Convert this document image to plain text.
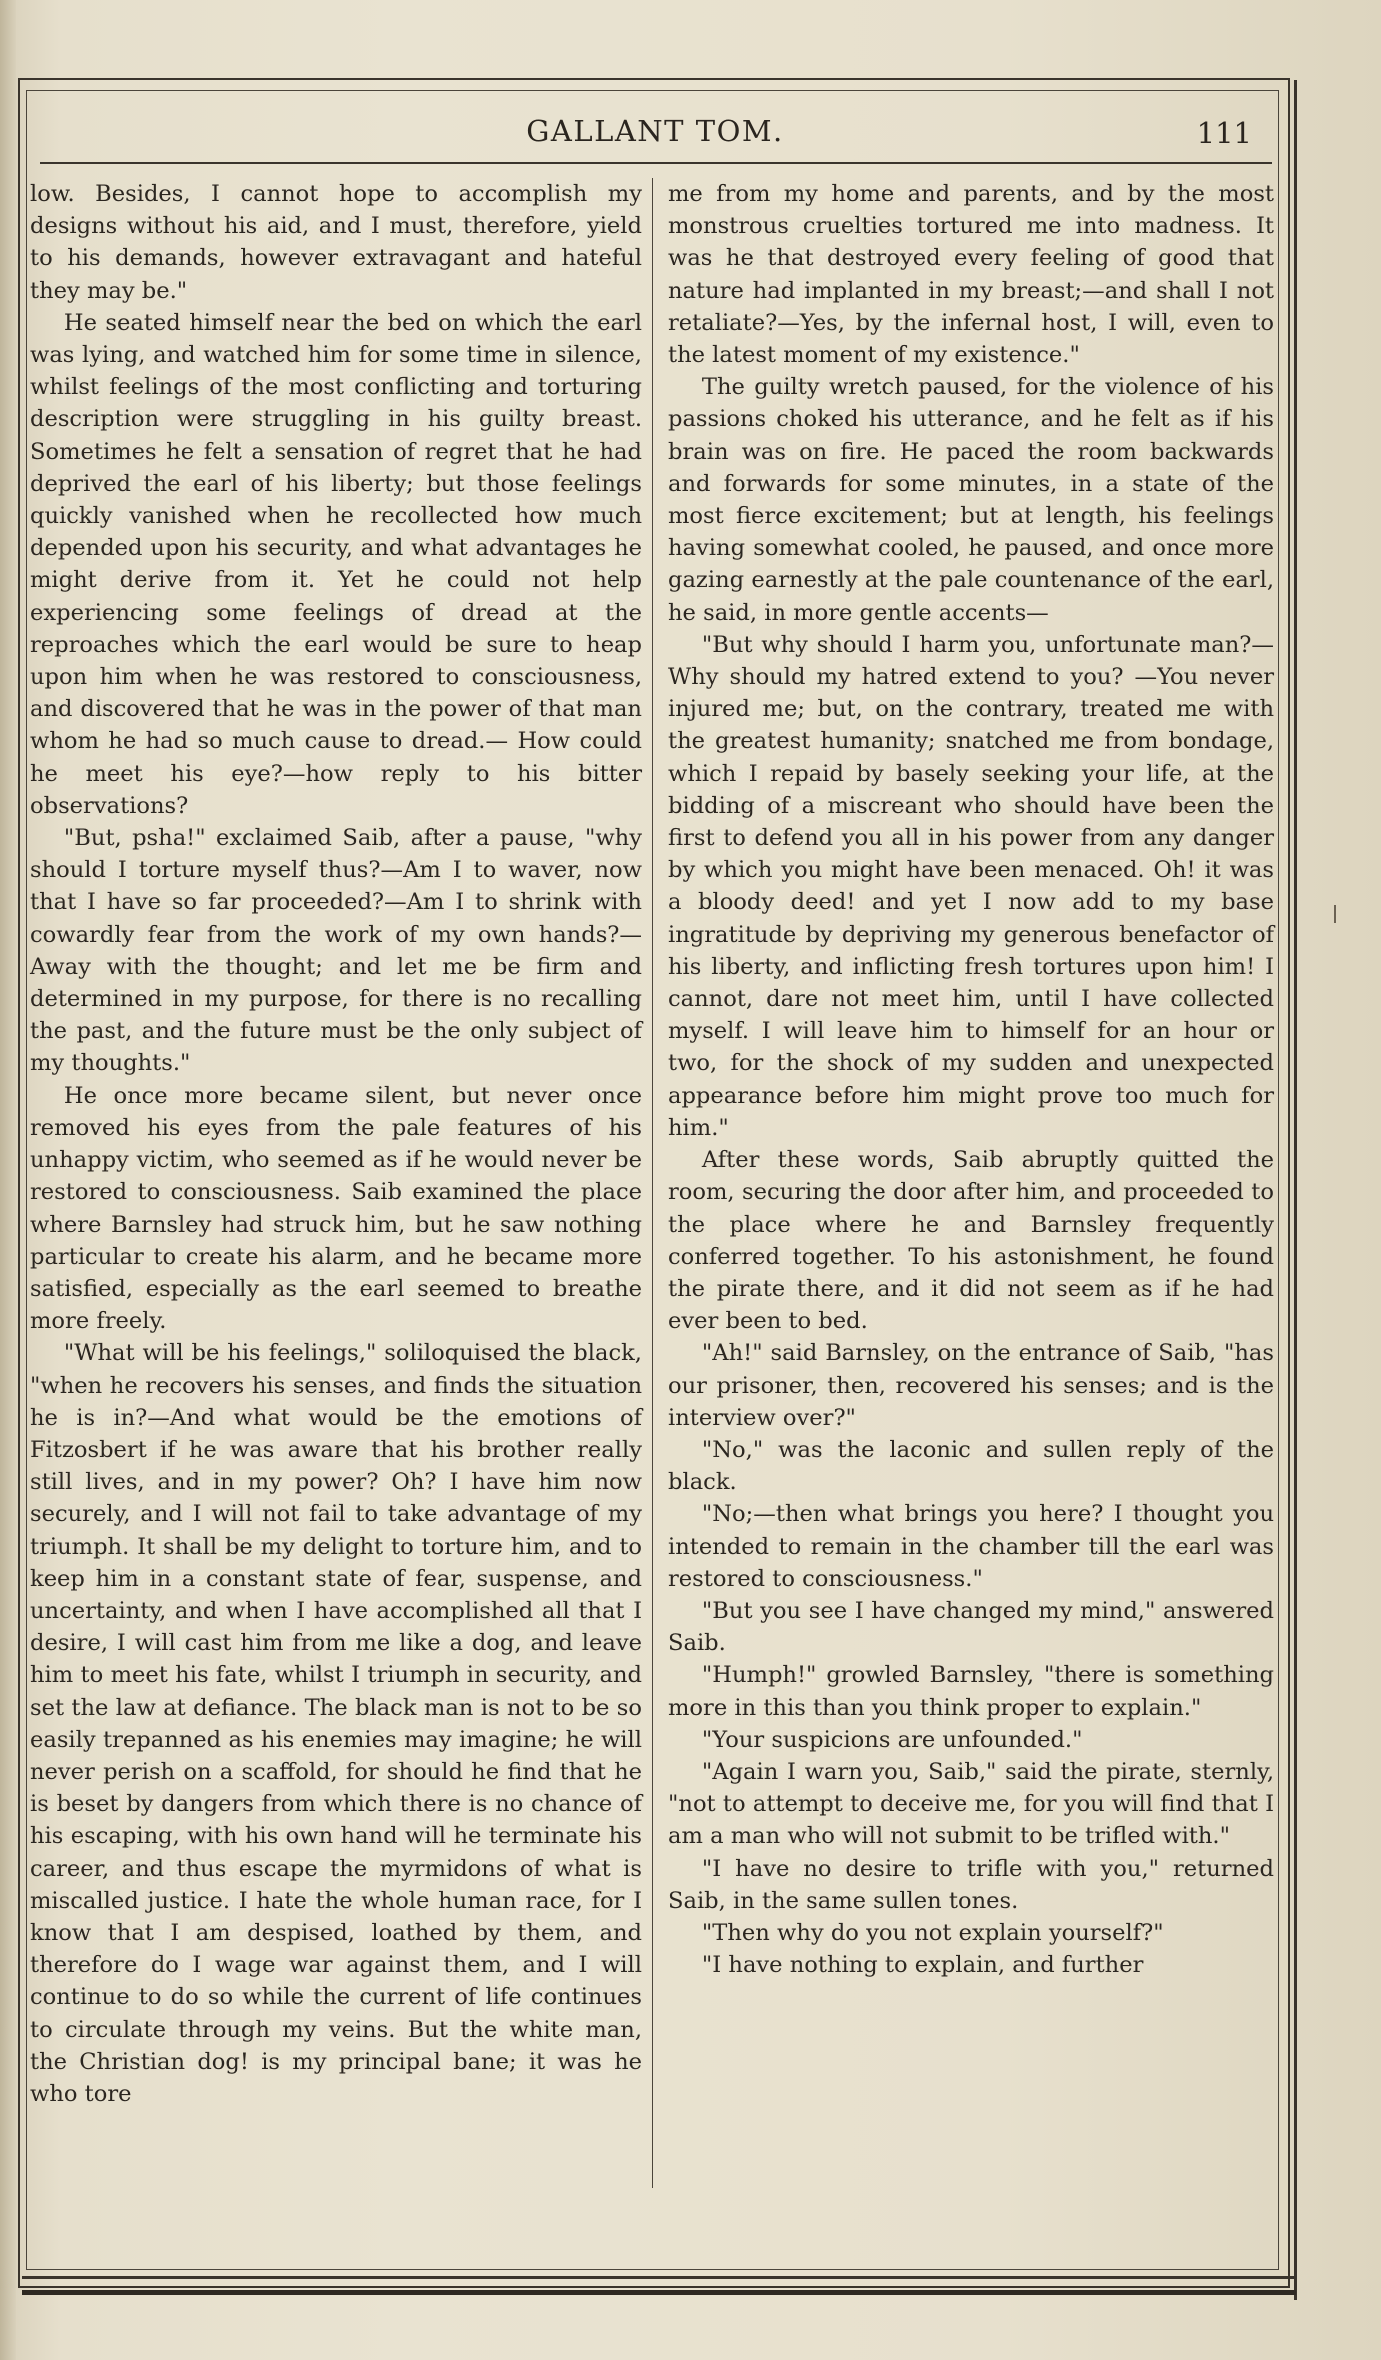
GALLANT TOM.	111

low. Besides, I cannot hope to accomplish my designs without his aid, and I must, therefore, yield to his demands, however extravagant and hateful they may be."

He seated himself near the bed on which the earl was lying, and watched him for some time in silence, whilst feelings of the most conflicting and torturing description were struggling in his guilty breast. Sometimes he felt a sensation of regret that he had deprived the earl of his liberty; but those feelings quickly vanished when he recollected how much depended upon his security, and what advantages he might derive from it. Yet he could not help experiencing some feelings of dread at the reproaches which the earl would be sure to heap upon him when he was restored to consciousness, and discovered that he was in the power of that man whom he had so much cause to dread.— How could he meet his eye?—how reply to his bitter observations?

"But, psha!" exclaimed Saib, after a pause, "why should I torture myself thus?—Am I to waver, now that I have so far proceeded?—Am I to shrink with cowardly fear from the work of my own hands?—Away with the thought; and let me be firm and determined in my purpose, for there is no recalling the past, and the future must be the only subject of my thoughts."

He once more became silent, but never once removed his eyes from the pale features of his unhappy victim, who seemed as if he would never be restored to consciousness. Saib examined the place where Barnsley had struck him, but he saw nothing particular to create his alarm, and he became more satisfied, especially as the earl seemed to breathe more freely.

"What will be his feelings," soliloquised the black, "when he recovers his senses, and finds the situation he is in?—And what would be the emotions of Fitzosbert if he was aware that his brother really still lives, and in my power? Oh? I have him now securely, and I will not fail to take advantage of my triumph. It shall be my delight to torture him, and to keep him in a constant state of fear, suspense, and uncertainty, and when I have accomplished all that I desire, I will cast him from me like a dog, and leave him to meet his fate, whilst I triumph in security, and set the law at defiance. The black man is not to be so easily trepanned as his enemies may imagine; he will never perish on a scaffold, for should he find that he is beset by dangers from which there is no chance of his escaping, with his own hand will he terminate his career, and thus escape the myrmidons of what is miscalled justice. I hate the whole human race, for I know that I am despised, loathed by them, and therefore do I wage war against them, and I will continue to do so while the current of life continues to circulate through my veins. But the white man, the Christian dog! is my principal bane; it was he who tore

me from my home and parents, and by the most monstrous cruelties tortured me into madness. It was he that destroyed every feeling of good that nature had implanted in my breast;—and shall I not retaliate?—Yes, by the infernal host, I will, even to the latest moment of my existence."

The guilty wretch paused, for the violence of his passions choked his utterance, and he felt as if his brain was on fire. He paced the room backwards and forwards for some minutes, in a state of the most fierce excitement; but at length, his feelings having somewhat cooled, he paused, and once more gazing earnestly at the pale countenance of the earl, he said, in more gentle accents—

"But why should I harm you, unfortunate man?—Why should my hatred extend to you? —You never injured me; but, on the contrary, treated me with the greatest humanity; snatched me from bondage, which I repaid by basely seeking your life, at the bidding of a miscreant who should have been the first to defend you all in his power from any danger by which you might have been menaced. Oh! it was a bloody deed! and yet I now add to my base ingratitude by depriving my generous benefactor of his liberty, and inflicting fresh tortures upon him! I cannot, dare not meet him, until I have collected myself. I will leave him to himself for an hour or two, for the shock of my sudden and unexpected appearance before him might prove too much for him."

After these words, Saib abruptly quitted the room, securing the door after him, and proceeded to the place where he and Barnsley frequently conferred together. To his astonishment, he found the pirate there, and it did not seem as if he had ever been to bed.

"Ah!" said Barnsley, on the entrance of Saib, "has our prisoner, then, recovered his senses; and is the interview over?"

"No," was the laconic and sullen reply of the black.

"No;—then what brings you here? I thought you intended to remain in the chamber till the earl was restored to consciousness."

"But you see I have changed my mind," answered Saib.

"Humph!" growled Barnsley, "there is something more in this than you think proper to explain."

"Your suspicions are unfounded."

"Again I warn you, Saib," said the pirate, sternly, "not to attempt to deceive me, for you will find that I am a man who will not submit to be trifled with."

"I have no desire to trifle with you," returned Saib, in the same sullen tones.

"Then why do you not explain yourself?"

"I have nothing to explain, and further
